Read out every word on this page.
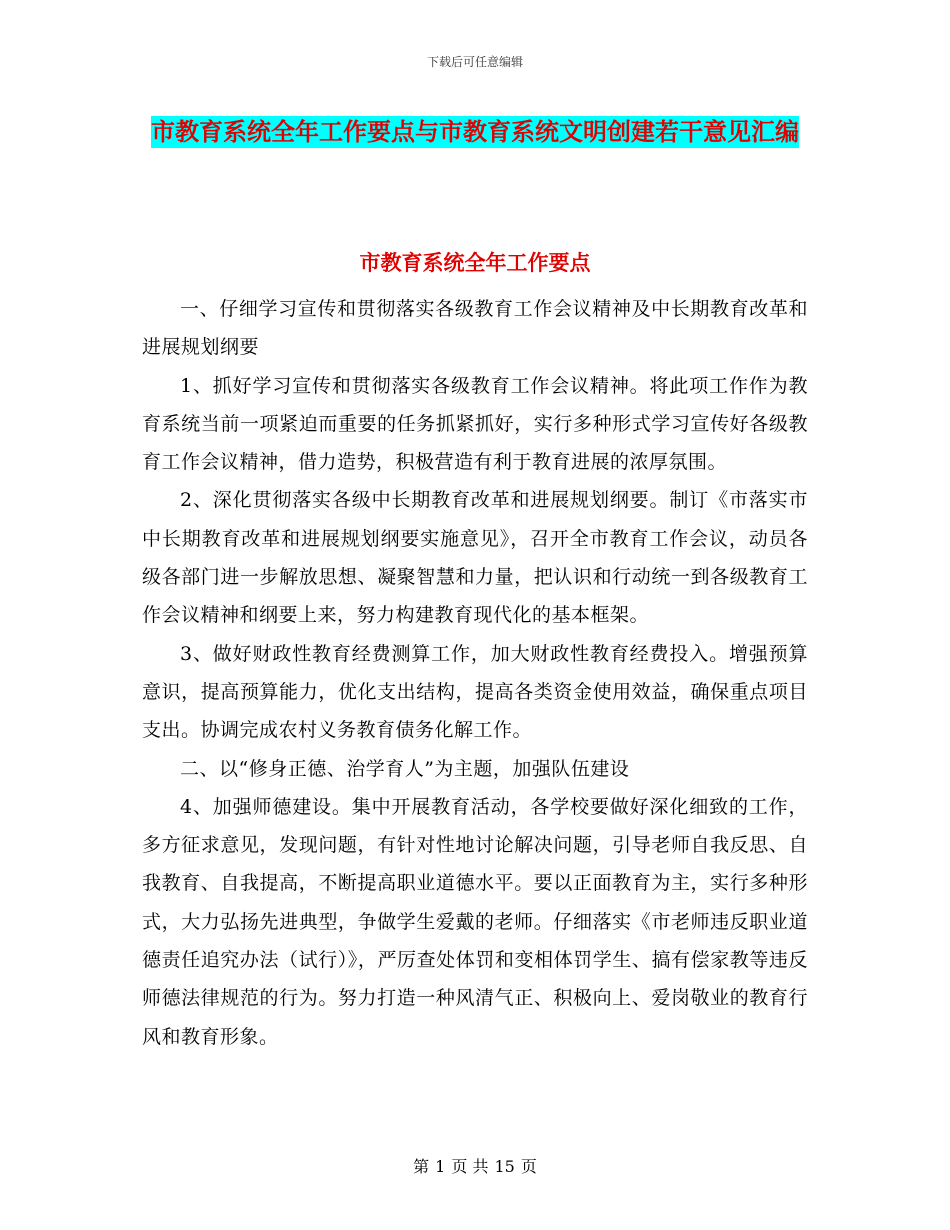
下载后可任意编辑
市教育系统全年工作要点与市教育系统文明创建若干意见汇编
市教育系统全年工作要点

一、仔细学习宣传和贯彻落实各级教育工作会议精神及中长期教育改革和进展规划纲要

1、抓好学习宣传和贯彻落实各级教育工作会议精神。将此项工作作为教育系统当前一项紧迫而重要的任务抓紧抓好，实行多种形式学习宣传好各级教育工作会议精神，借力造势，积极营造有利于教育进展的浓厚氛围。

2、深化贯彻落实各级中长期教育改革和进展规划纲要。制订《市落实市中长期教育改革和进展规划纲要实施意见》，召开全市教育工作会议，动员各级各部门进一步解放思想、凝聚智慧和力量，把认识和行动统一到各级教育工作会议精神和纲要上来，努力构建教育现代化的基本框架。

3、做好财政性教育经费测算工作，加大财政性教育经费投入。增强预算意识，提高预算能力，优化支出结构，提高各类资金使用效益，确保重点项目支出。协调完成农村义务教育债务化解工作。

二、以“修身正德、治学育人”为主题，加强队伍建设

4、加强师德建设。集中开展教育活动，各学校要做好深化细致的工作，多方征求意见，发现问题，有针对性地讨论解决问题，引导老师自我反思、自我教育、自我提高，不断提高职业道德水平。要以正面教育为主，实行多种形式，大力弘扬先进典型，争做学生爱戴的老师。仔细落实《市老师违反职业道德责任追究办法（试行）》，严厉查处体罚和变相体罚学生、搞有偿家教等违反师德法律规范的行为。努力打造一种风清气正、积极向上、爱岗敬业的教育行风和教育形象。

第 1 页 共 15 页
